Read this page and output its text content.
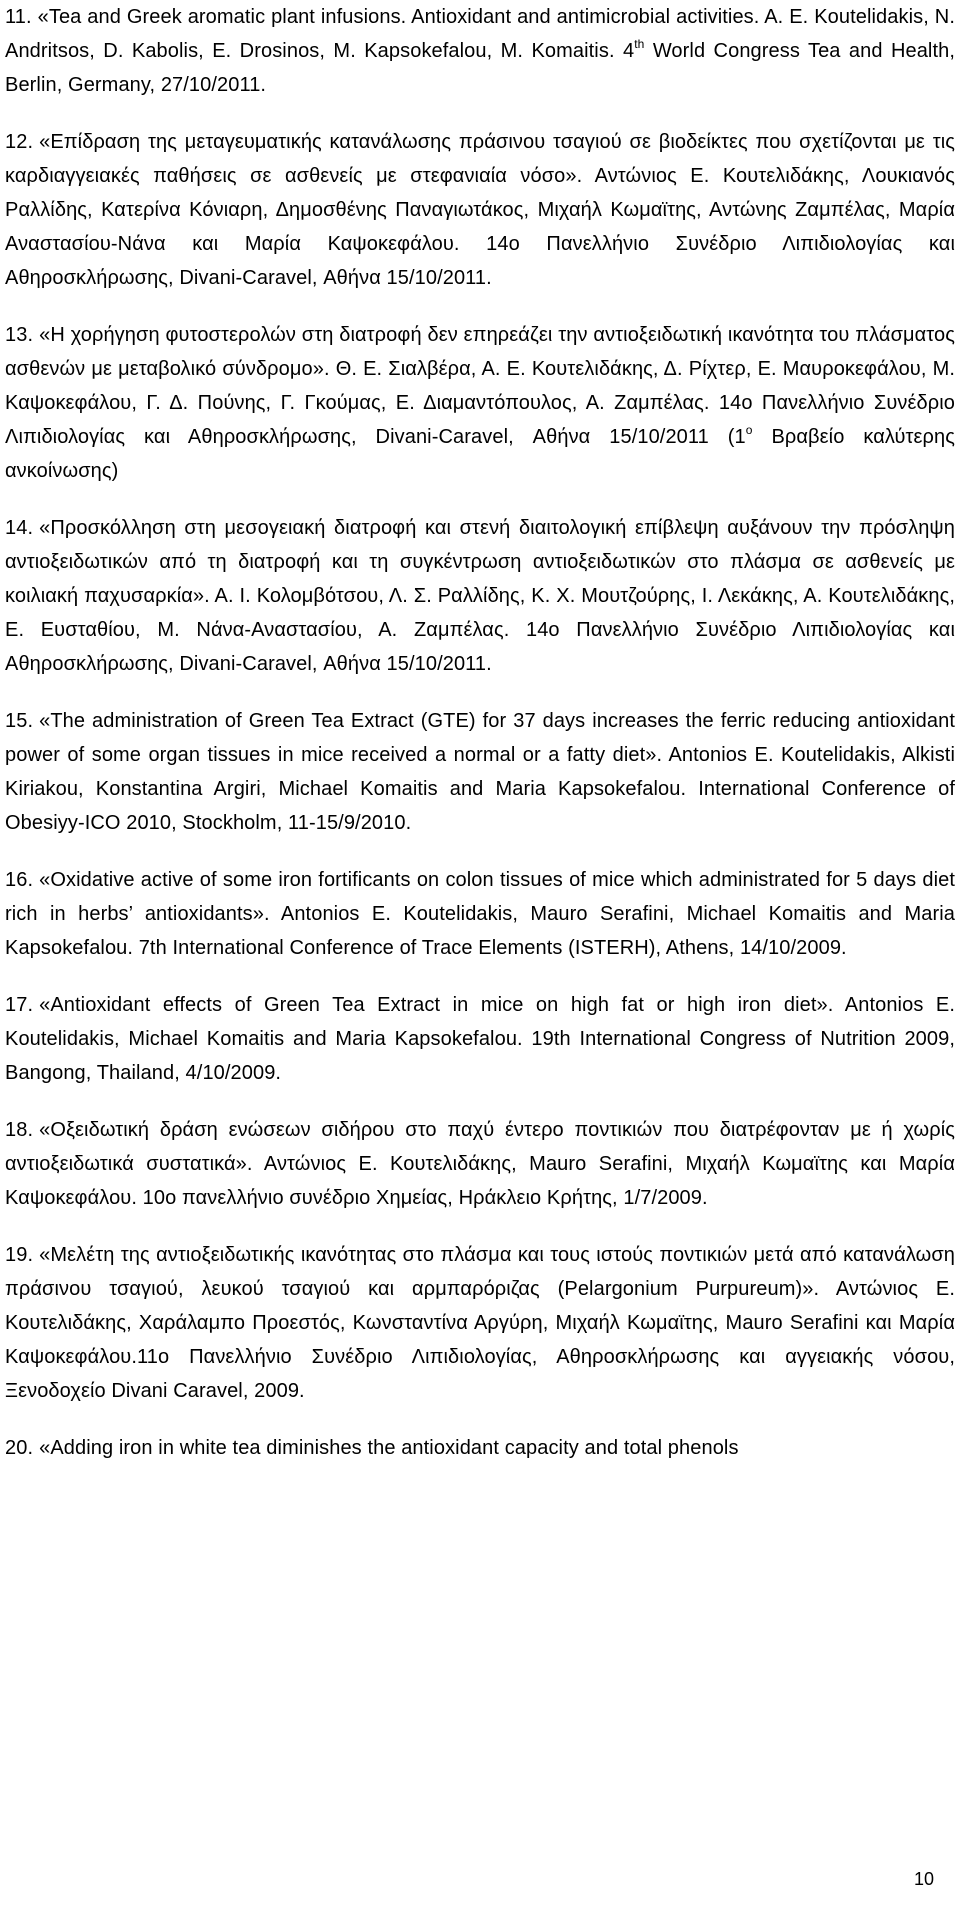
11. «Tea and Greek aromatic plant infusions. Antioxidant and antimicrobial activities. A. E. Koutelidakis, N. Andritsos, D. Kabolis, E. Drosinos, M. Kapsokefalou, M. Komaitis. 4th World Congress Tea and Health, Berlin, Germany, 27/10/2011.

12. «Επίδραση της μεταγευματικής κατανάλωσης πράσινου τσαγιού σε βιοδείκτες που σχετίζονται με τις καρδιαγγειακές παθήσεις σε ασθενείς με στεφανιαία νόσο». Αντώνιος Ε. Κουτελιδάκης, Λουκιανός Ραλλίδης, Κατερίνα Κόνιαρη, Δημοσθένης Παναγιωτάκος, Μιχαήλ Κωμαϊτης, Αντώνης Ζαμπέλας, Μαρία Αναστασίου-Νάνα και Μαρία Καψοκεφάλου. 14ο Πανελλήνιο Συνέδριο Λιπιδιολογίας και Αθηροσκλήρωσης, Divani-Caravel, Αθήνα 15/10/2011.

13. «Η χορήγηση φυτοστερολών στη διατροφή δεν επηρεάζει την αντιοξειδωτική ικανότητα του πλάσματος ασθενών με μεταβολικό σύνδρομο». Θ. Ε. Σιαλβέρα, Α. Ε. Κουτελιδάκης, Δ. Ρίχτερ, Ε. Μαυροκεφάλου, Μ. Καψοκεφάλου, Γ. Δ. Πούνης, Γ. Γκούμας, Ε. Διαμαντόπουλος, Α. Ζαμπέλας. 14ο Πανελλήνιο Συνέδριο Λιπιδιολογίας και Αθηροσκλήρωσης, Divani-Caravel, Αθήνα 15/10/2011 ($1^o$ Βραβείο καλύτερης ανκοίνωσης)

14. «Προσκόλληση στη μεσογειακή διατροφή και στενή διαιτολογική επίβλεψη αυξάνουν την πρόσληψη αντιοξειδωτικών από τη διατροφή και τη συγκέντρωση αντιοξειδωτικών στο πλάσμα σε ασθενείς με κοιλιακή παχυσαρκία». Α. Ι. Κολομβότσου, Λ. Σ. Ραλλίδης, Κ. Χ. Μουτζούρης, Ι. Λεκάκης, Α. Κουτελιδάκης, Ε. Ευσταθίου, Μ. Νάνα-Αναστασίου, Α. Ζαμπέλας. 14ο Πανελλήνιο Συνέδριο Λιπιδιολογίας και Αθηροσκλήρωσης, Divani-Caravel, Αθήνα 15/10/2011.

15. «The administration of Green Tea Extract (GTE) for 37 days increases the ferric reducing antioxidant power of some organ tissues in mice received a normal or a fatty diet». Antonios E. Koutelidakis, Alkisti Kiriakou, Konstantina Argiri, Michael Komaitis and Maria Kapsokefalou. International Conference of Obesiyy-ICO 2010, Stockholm, 11-15/9/2010.

16. «Oxidative active of some iron fortificants on colon tissues of mice which administrated for 5 days diet rich in herbs’ antioxidants». Antonios E. Koutelidakis, Mauro Serafini, Michael Komaitis and Maria Kapsokefalou. 7th International Conference of Trace Elements (ISTERH), Athens, 14/10/2009.

17. «Antioxidant effects of Green Tea Extract in mice on high fat or high iron diet». Antonios E. Koutelidakis, Michael Komaitis and Maria Kapsokefalou. 19th International Congress of Nutrition 2009, Bangong, Thailand, 4/10/2009.

18. «Οξειδωτική δράση ενώσεων σιδήρου στο παχύ έντερο ποντικιών που διατρέφονταν με ή χωρίς αντιοξειδωτικά συστατικά». Αντώνιος Ε. Κουτελιδάκης, Mauro Serafini, Μιχαήλ Κωμαϊτης και Μαρία Καψοκεφάλου. 10ο πανελλήνιο συνέδριο Χημείας, Ηράκλειο Κρήτης, 1/7/2009.

19. «Μελέτη της αντιοξειδωτικής ικανότητας στο πλάσμα και τους ιστούς ποντικιών μετά από κατανάλωση πράσινου τσαγιού, λευκού τσαγιού και αρμπαρόριζας (Pelargonium Purpureum)». Αντώνιος Ε. Κουτελιδάκης, Χαράλαμπο Προεστός, Κωνσταντίνα Αργύρη, Μιχαήλ Κωμαϊτης, Mauro Serafini και Μαρία Καψοκεφάλου.11ο Πανελλήνιο Συνέδριο Λιπιδιολογίας, Αθηροσκλήρωσης και αγγειακής νόσου, Ξενοδοχείο Divani Caravel, 2009.

20. «Adding iron in white tea diminishes the antioxidant capacity and total phenols

10
